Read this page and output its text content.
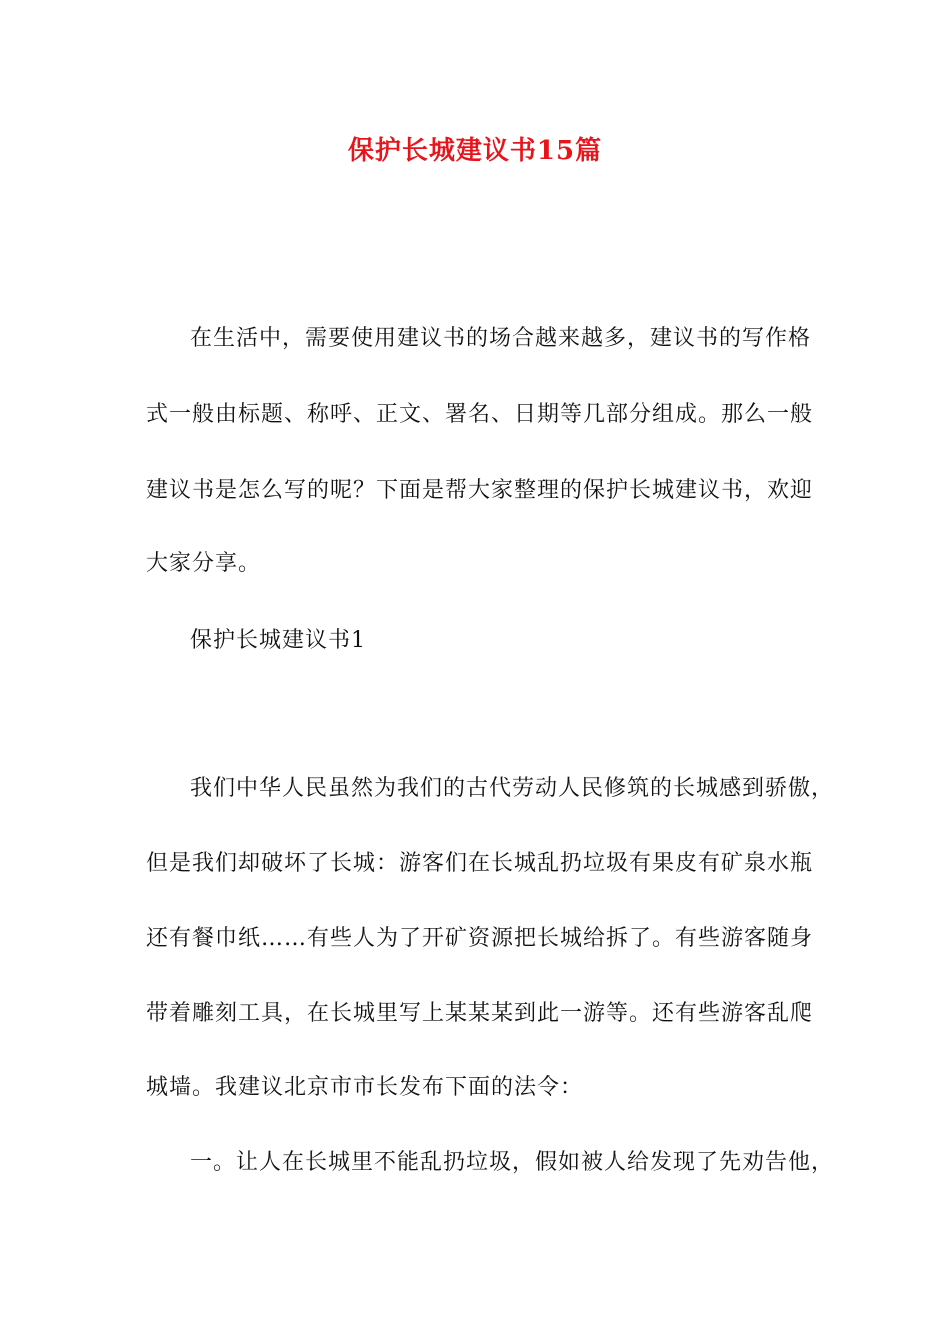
保护长城建议书15篇
在生活中，需要使用建议书的场合越来越多，建议书的写作格
式一般由标题、称呼、正文、署名、日期等几部分组成。那么一般
建议书是怎么写的呢？下面是帮大家整理的保护长城建议书，欢迎
大家分享。
保护长城建议书1
我们中华人民虽然为我们的古代劳动人民修筑的长城感到骄傲，
但是我们却破坏了长城：游客们在长城乱扔垃圾有果皮有矿泉水瓶
还有餐巾纸……有些人为了开矿资源把长城给拆了。有些游客随身
带着雕刻工具，在长城里写上某某某到此一游等。还有些游客乱爬
城墙。我建议北京市市长发布下面的法令：
一。让人在长城里不能乱扔垃圾，假如被人给发现了先劝告他，
